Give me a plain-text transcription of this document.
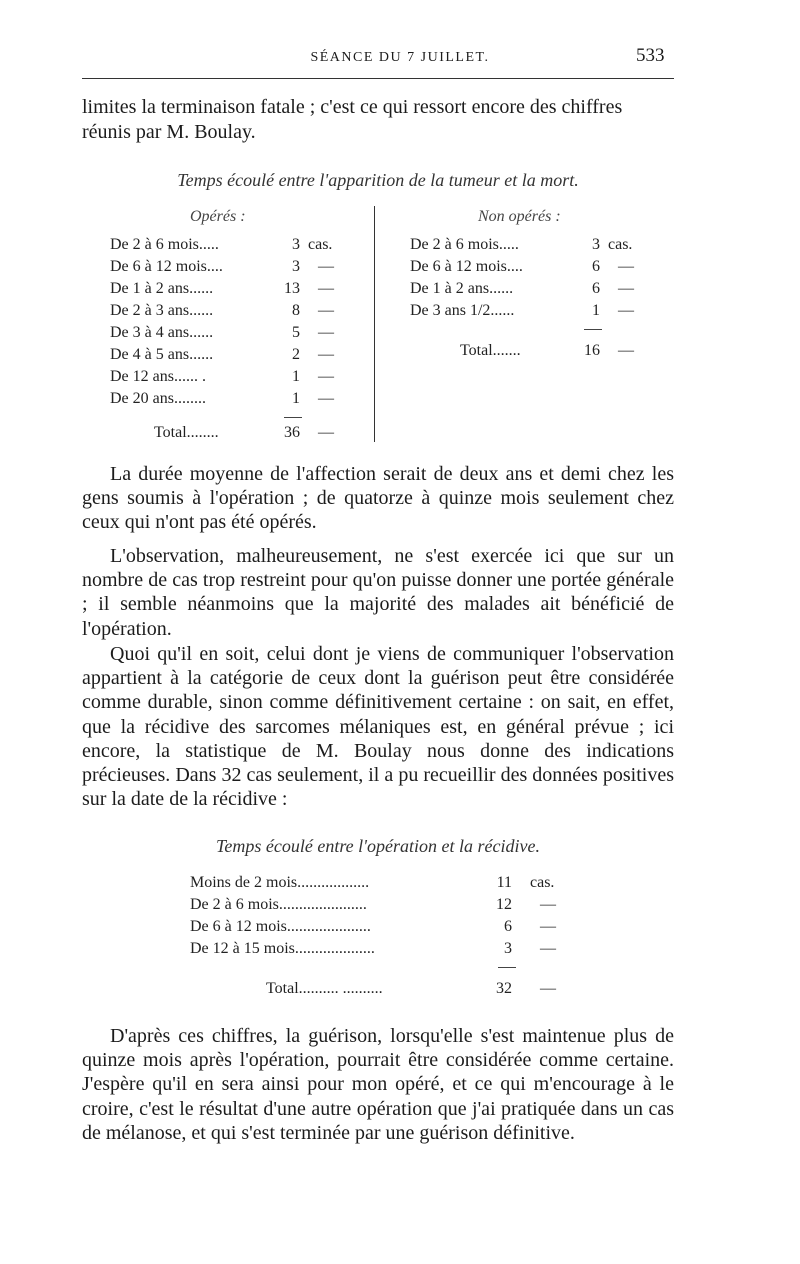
SÉANCE DU 7 JUILLET.	533
limites la terminaison fatale ; c'est ce qui ressort encore des chiffres
réunis par M. Boulay.
Temps écoulé entre l'apparition de la tumeur et la mort.
Opérés :	Non opérés :
De 2 à 6 mois.....	3 cas.
De 6 à 12 mois....	3 —
De 1 à 2 ans......	13 —
De 2 à 3 ans......	8 —
De 3 à 4 ans......	5 —
De 4 à 5 ans......	2 —
De 12 ans...... .	1 —
De 20 ans........	1 —
Total........	36 —
De 2 à 6 mois.....	3 cas.
De 6 à 12 mois....	6 —
De 1 à 2 ans......	6 —
De 3 ans 1/2......	1 —
Total.......	16 —
La durée moyenne de l'affection serait de deux ans et demi chez les gens soumis à l'opération ; de quatorze à quinze mois seulement chez ceux qui n'ont pas été opérés.
L'observation, malheureusement, ne s'est exercée ici que sur un nombre de cas trop restreint pour qu'on puisse donner une portée générale ; il semble néanmoins que la majorité des malades ait bénéficié de l'opération.
Quoi qu'il en soit, celui dont je viens de communiquer l'observation appartient à la catégorie de ceux dont la guérison peut être considérée comme durable, sinon comme définitivement certaine : on sait, en effet, que la récidive des sarcomes mélaniques est, en général prévue ; ici encore, la statistique de M. Boulay nous donne des indications précieuses. Dans 32 cas seulement, il a pu recueillir des données positives sur la date de la récidive :
Temps écoulé entre l'opération et la récidive.
Moins de 2 mois..................	11 cas.
De 2 à 6 mois......................	12 —
De 6 à 12 mois.....................	6 —
De 12 à 15 mois....................	3 —
Total.......... ..........	32 —
D'après ces chiffres, la guérison, lorsqu'elle s'est maintenue plus de quinze mois après l'opération, pourrait être considérée comme certaine. J'espère qu'il en sera ainsi pour mon opéré, et ce qui m'encourage à le croire, c'est le résultat d'une autre opération que j'ai pratiquée dans un cas de mélanose, et qui s'est terminée par une guérison définitive.
